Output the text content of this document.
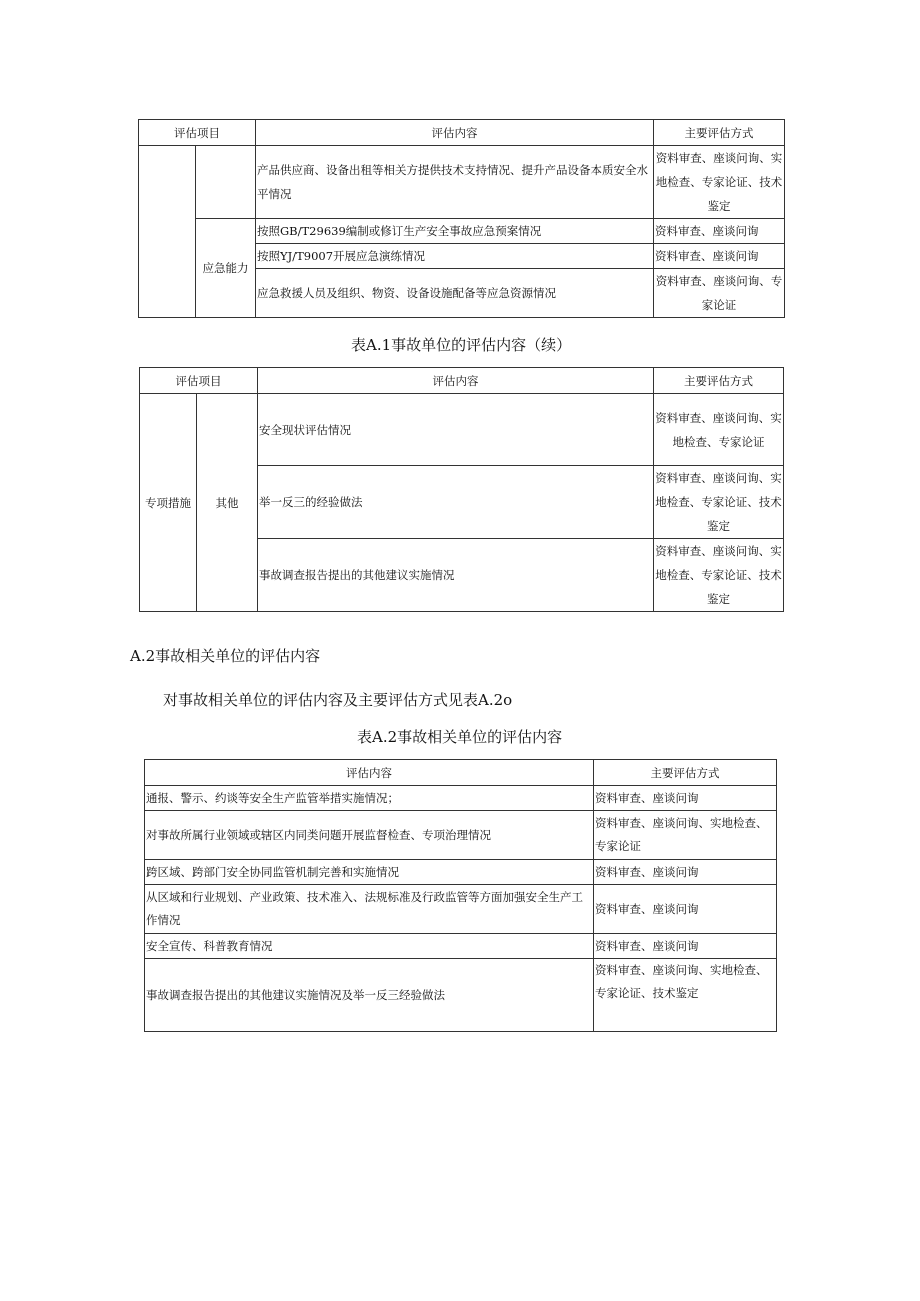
评估项目		评估内容	主要评估方式
		产品供应商、设备出租等相关方提供技术支持情况、提升产品设备本质安全水平情况	资料审查、座谈问询、实地检查、专家论证、技术鉴定
	应急能力	按照GB/T29639编制或修订生产安全事故应急预案情况	资料审查、座谈问询
		按照YJ/T9007开展应急演练情况	资料审查、座谈问询
		应急救援人员及组织、物资、设备设施配备等应急资源情况	资料审查、座谈问询、专家论证
表A.1事故单位的评估内容（续）
评估项目		评估内容	主要评估方式
专项措施	其他	安全现状评估情况	资料审查、座谈问询、实地检查、专家论证
		举一反三的经验做法	资料审查、座谈问询、实地检查、专家论证、技术鉴定
		事故调查报告提出的其他建议实施情况	资料审查、座谈问询、实地检查、专家论证、技术鉴定
A.2事故相关单位的评估内容
对事故相关单位的评估内容及主要评估方式见表A.2o
表A.2事故相关单位的评估内容
评估内容	主要评估方式
通报、警示、约谈等安全生产监管举措实施情况；	资料审查、座谈问询
对事故所属行业领域或辖区内同类问题开展监督检查、专项治理情况	资料审查、座谈问询、实地检查、专家论证
跨区域、跨部门安全协同监管机制完善和实施情况	资料审查、座谈问询
从区域和行业规划、产业政策、技术准入、法规标准及行政监管等方面加强安全生产工作情况	资料审查、座谈问询
安全宣传、科普教育情况	资料审查、座谈问询
事故调查报告提出的其他建议实施情况及举一反三经验做法	资料审查、座谈问询、实地检查、专家论证、技术鉴定
